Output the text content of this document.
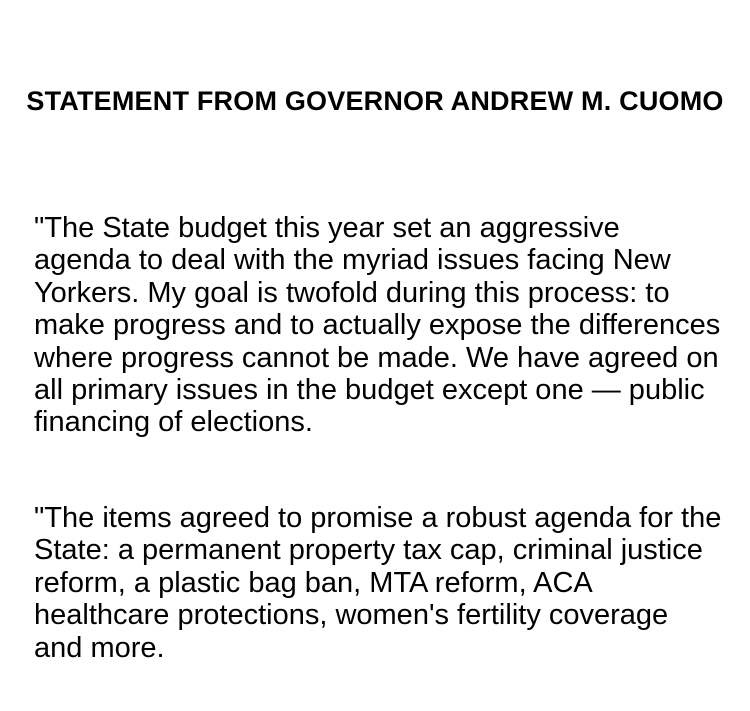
STATEMENT FROM GOVERNOR ANDREW M. CUOMO

"The State budget this year set an aggressive agenda to deal with the myriad issues facing New Yorkers. My goal is twofold during this process: to make progress and to actually expose the differences where progress cannot be made. We have agreed on all primary issues in the budget except one — public financing of elections.

"The items agreed to promise a robust agenda for the State: a permanent property tax cap, criminal justice reform, a plastic bag ban, MTA reform, ACA healthcare protections, women's fertility coverage and more.
